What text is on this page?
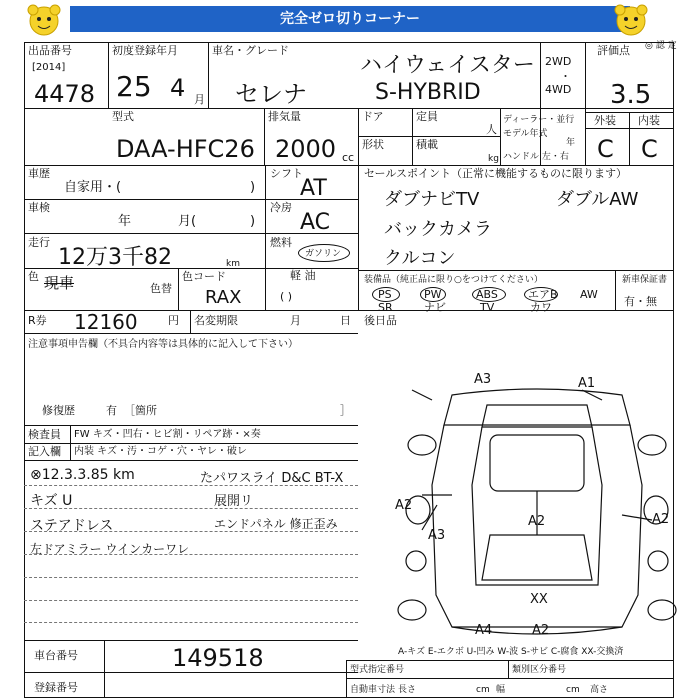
完全ゼロ切りコーナー
◎ 認 定
出品番号
[2014]
4478
初度登録年月
25 4 月
車名・グレード
セレナ
ハイウェイスター
S-HYBRID
2WD
・
4WD
評価点
3.5
外装 内装
C C
型式
DAA-HFC26
排気量
2000 cc
ドア
形状
定員
人
積載
kg
ディーラー・並行
モデル年式
年
ハンドル 左・右
車歴
自家用・(	)
車検
年	月(	)
走行
12万3千82	km
色 現車	色替
色コード
RAX
シフト
AT
冷房
AC
燃料
ガソリン
軽 油
( )
セールスポイント（正常に機能するものに限ります）
ダブナビTV	ダブルAW
バックカメラ
クルコン
装備品（純正品に限り○をつけてください）	新車保証書
有・無
PS	PW	ABS	エアB AW
SR	ナビ	TV	カワ
R券 12160	円 名変期限	月	日 後日品
注意事項申告欄（不具合内容等は具体的に記入して下さい）
修復歴	有 ［箇所	］
検査員
記入欄
FW キズ・凹右・ヒビ割・リペア跡・×奏
内装 キズ・汚・コゲ・穴・ヤレ・破レ
⊗12.3.3.85 km
キズ U
ステアドレス
左ドアミラー ウインカーワレ
たパワスライ D&C BT-X
展開リ
エンドパネル 修正歪み
A3	A1
A2
A2
A3
A2
XX
A4	A2
A-キズ E-エクボ U-凹み W-波 S-サビ C-腐食 XX-交換済
車台番号	149518
登録番号
型式指定番号	類別区分番号
自動車寸法 長さ	cm 幅	cm 高さ
